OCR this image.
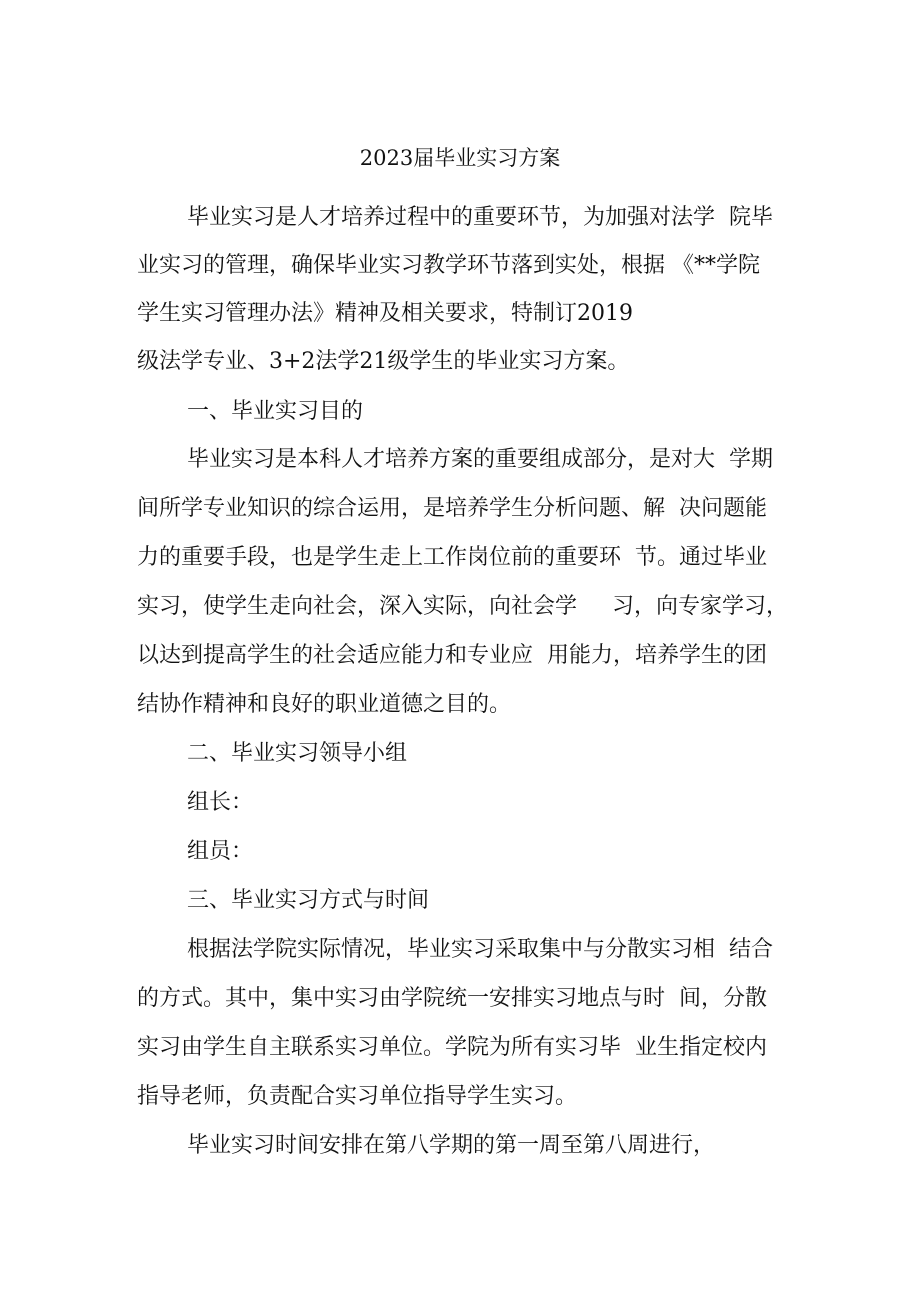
2023届毕业实习方案
毕业实习是人才培养过程中的重要环节，为加强对法学  院毕
业实习的管理，确保毕业实习教学环节落到实处，根据 《**学院
学生实习管理办法》精神及相关要求，特制订2019
级法学专业、3+2法学21级学生的毕业实习方案。
一、毕业实习目的
毕业实习是本科人才培养方案的重要组成部分，是对大  学期
间所学专业知识的综合运用，是培养学生分析问题、解  决问题能
力的重要手段，也是学生走上工作岗位前的重要环  节。通过毕业
实习，使学生走向社会，深入实际，向社会学     习，向专家学习，
以达到提高学生的社会适应能力和专业应  用能力，培养学生的团
结协作精神和良好的职业道德之目的。
二、毕业实习领导小组
组长：
组员：
三、毕业实习方式与时间
根据法学院实际情况，毕业实习采取集中与分散实习相  结合
的方式。其中，集中实习由学院统一安排实习地点与时  间，分散
实习由学生自主联系实习单位。学院为所有实习毕  业生指定校内
指导老师，负责配合实习单位指导学生实习。
毕业实习时间安排在第八学期的第一周至第八周进行，
